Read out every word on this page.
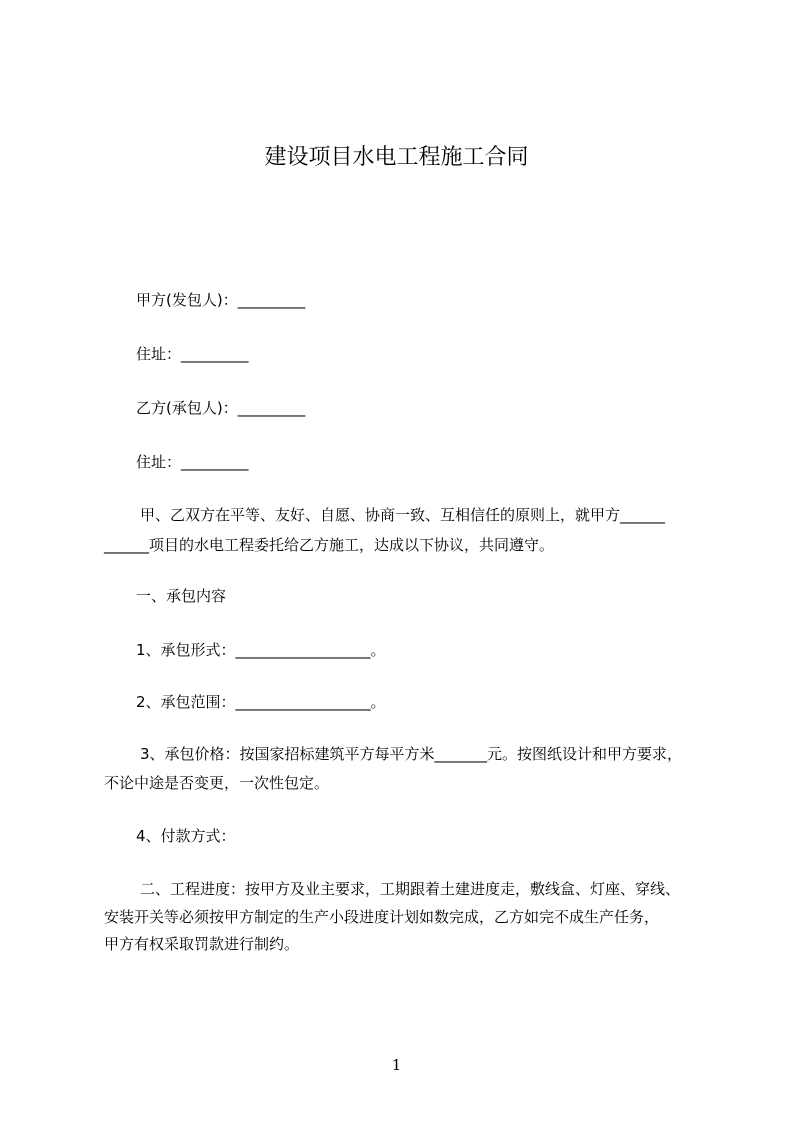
建设项目水电工程施工合同
甲方(发包人)：_________
住址：_________
乙方(承包人)：_________
住址：_________
甲、乙双方在平等、友好、自愿、协商一致、互相信任的原则上，就甲方______
______项目的水电工程委托给乙方施工，达成以下协议，共同遵守。
一、承包内容
1、承包形式：__________________。
2、承包范围：__________________。
3、承包价格：按国家招标建筑平方每平方米_______元。按图纸设计和甲方要求，
不论中途是否变更，一次性包定。
4、付款方式：
二、工程进度：按甲方及业主要求，工期跟着土建进度走，敷线盒、灯座、穿线、
安装开关等必须按甲方制定的生产小段进度计划如数完成，乙方如完不成生产任务，
甲方有权采取罚款进行制约。
1
